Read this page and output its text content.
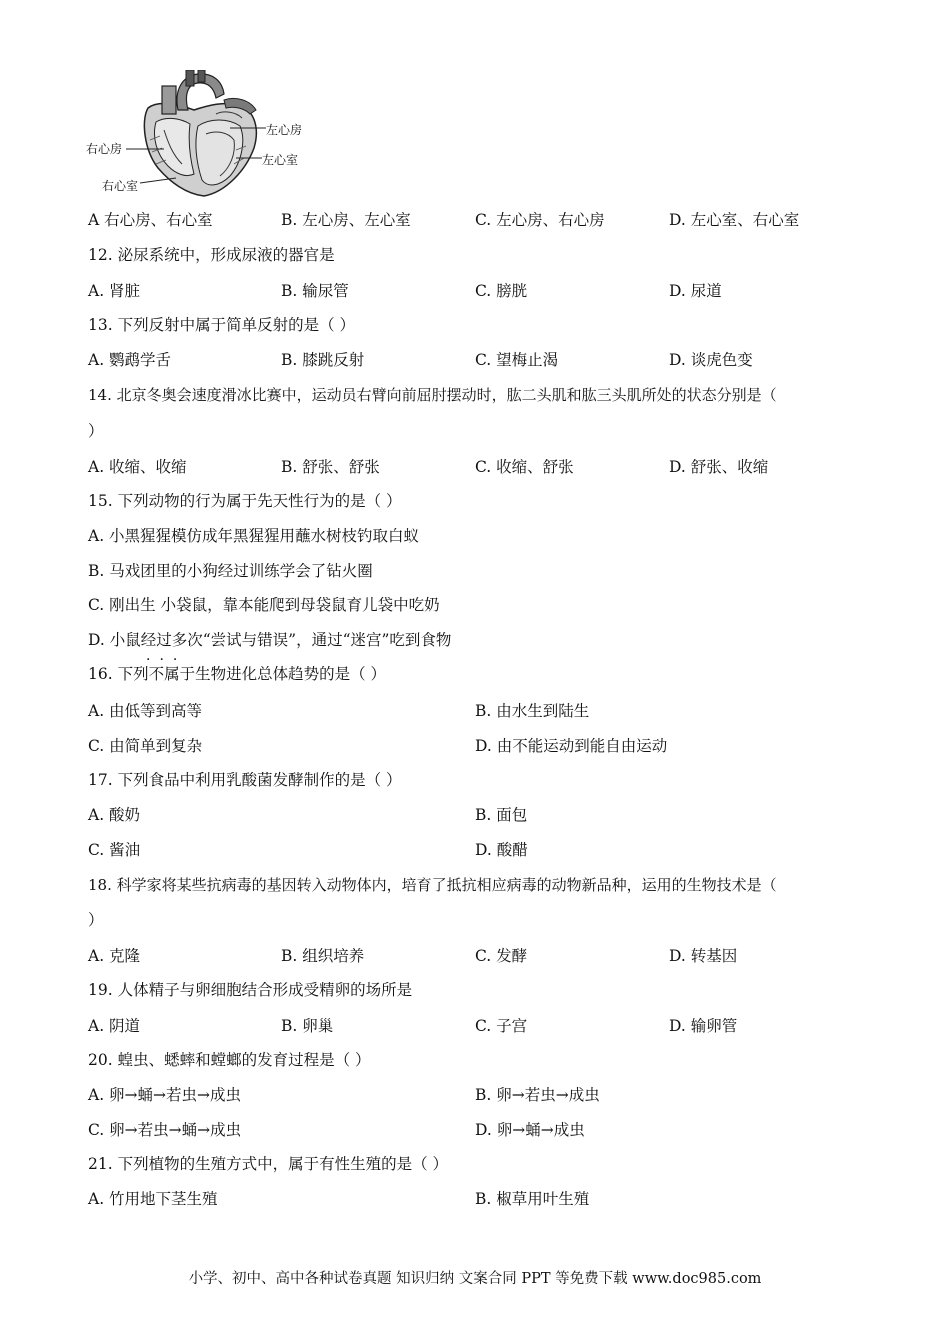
右心房
右心室
左心房
左心室
A 右心房、右心室	B. 左心房、左心室	C. 左心房、右心房	D. 左心室、右心室
12. 泌尿系统中，形成尿液的器官是
A. 肾脏	B. 输尿管	C. 膀胱	D. 尿道
13. 下列反射中属于简单反射的是（ ）
A. 鹦鹉学舌	B. 膝跳反射	C. 望梅止渴	D. 谈虎色变
14. 北京冬奥会速度滑冰比赛中，运动员右臂向前屈肘摆动时，肱二头肌和肱三头肌所处的状态分别是（
）
A. 收缩、收缩	B. 舒张、舒张	C. 收缩、舒张	D. 舒张、收缩
15. 下列动物的行为属于先天性行为的是（ ）
A. 小黑猩猩模仿成年黑猩猩用蘸水树枝钓取白蚁
B. 马戏团里的小狗经过训练学会了钻火圈
C. 刚出生 小袋鼠，靠本能爬到母袋鼠育儿袋中吃奶
D. 小鼠经过多次“尝试与错误”，通过“迷宫”吃到食物
···
16. 下列不属于生物进化总体趋势的是（ ）
A. 由低等到高等	B. 由水生到陆生
C. 由简单到复杂	D. 由不能运动到能自由运动
17. 下列食品中利用乳酸菌发酵制作的是（ ）
A. 酸奶	B. 面包
C. 酱油	D. 酸醋
18. 科学家将某些抗病毒的基因转入动物体内，培育了抵抗相应病毒的动物新品种，运用的生物技术是（
）
A. 克隆	B. 组织培养	C. 发酵	D. 转基因
19. 人体精子与卵细胞结合形成受精卵的场所是
A. 阴道	B. 卵巢	C. 子宫	D. 输卵管
20. 蝗虫、蟋蟀和螳螂的发育过程是（ ）
A. 卵→蛹→若虫→成虫	B. 卵→若虫→成虫
C. 卵→若虫→蛹→成虫	D. 卵→蛹→成虫
21. 下列植物的生殖方式中，属于有性生殖的是（ ）
A. 竹用地下茎生殖	B. 椒草用叶生殖
小学、初中、高中各种试卷真题 知识归纳 文案合同 PPT 等免费下载 www.doc985.com
